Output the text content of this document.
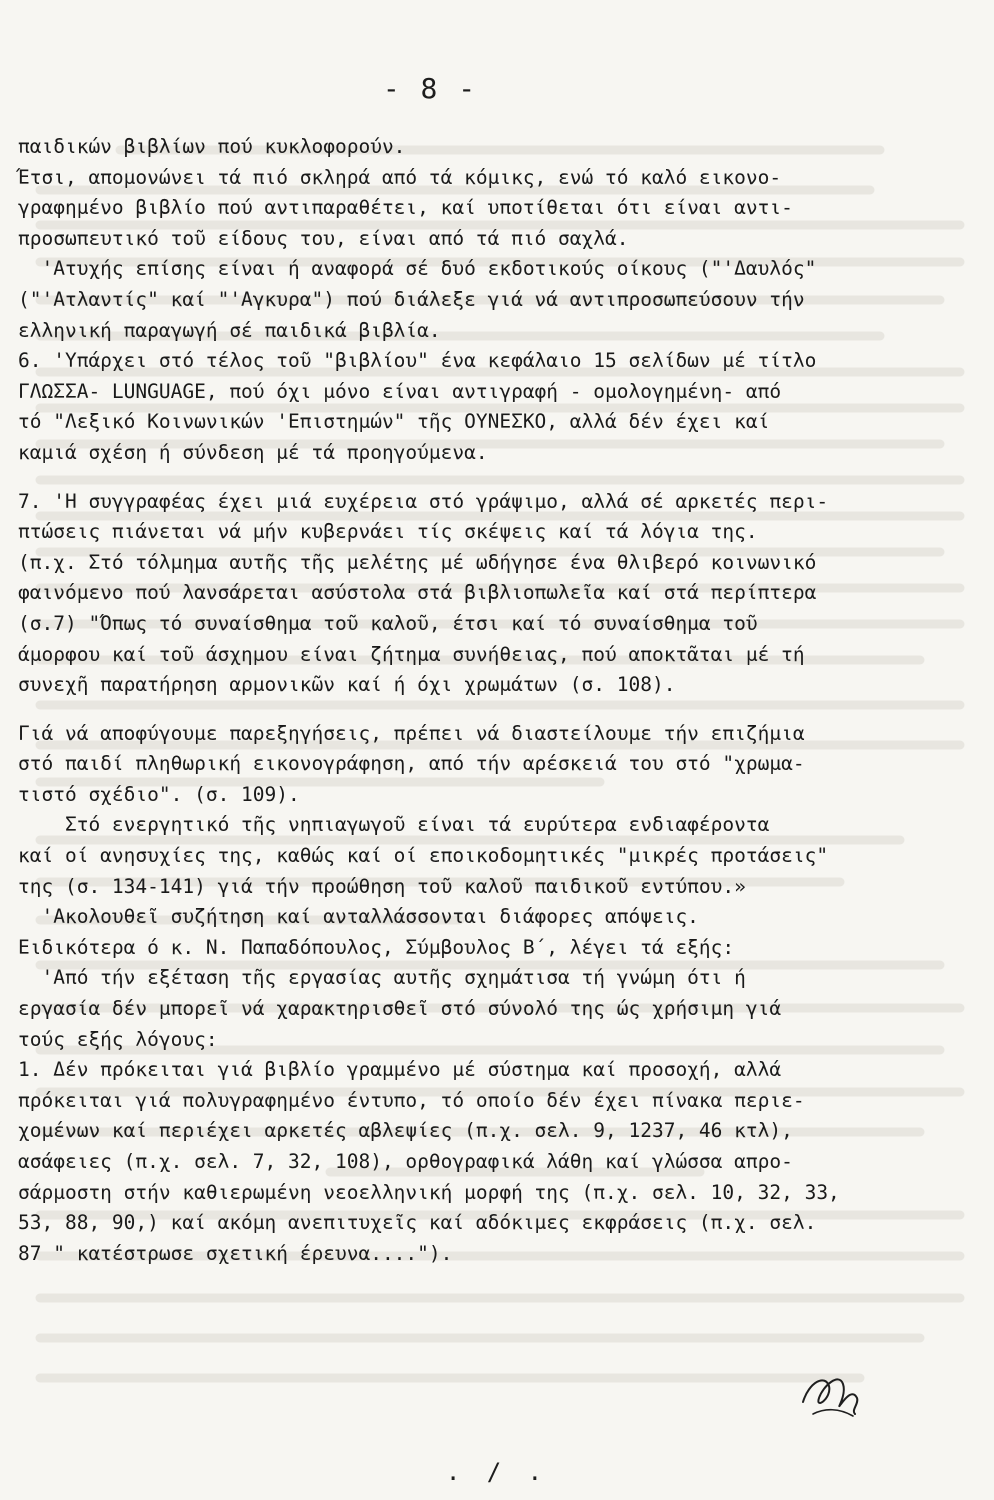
- 8 -
παιδικών βιβλίων πού κυκλοφορούν.
Έτσι, απομονώνει τά πιό σκληρά από τά κόμικς, ενώ τό καλό εικονο-
γραφημένο βιβλίο πού αντιπαραθέτει, καί υποτίθεται ότι είναι αντι-
προσωπευτικό τοῦ είδους του, είναι από τά πιό σαχλά.
'Ατυχής επίσης είναι ή αναφορά σέ δυό εκδοτικούς οίκους ("'Δαυλός"
("'Ατλαντίς" καί "'Αγκυρα") πού διάλεξε γιά νά αντιπροσωπεύσουν τήν
ελληνική παραγωγή σέ παιδικά βιβλία.
6. 'Υπάρχει στό τέλος τοῦ "βιβλίου" ένα κεφάλαιο 15 σελίδων μέ τίτλο
ΓΛΩΣΣΑ- LUNGUAGE, πού όχι μόνο είναι αντιγραφή - ομολογημένη- από
τό "Λεξικό Κοινωνικών 'Επιστημών" τῆς ΟΥΝΕΣΚΟ, αλλά δέν έχει καί
καμιά σχέση ή σύνδεση μέ τά προηγούμενα.
7. 'Η συγγραφέας έχει μιά ευχέρεια στό γράψιμο, αλλά σέ αρκετές περι-
πτώσεις πιάνεται νά μήν κυβερνάει τίς σκέψεις καί τά λόγια της.
(π.χ. Στό τόλμημα αυτῆς τῆς μελέτης μέ ωδήγησε ένα θλιβερό κοινωνικό
φαινόμενο πού λανσάρεται ασύστολα στά βιβλιοπωλεῖα καί στά περίπτερα
(σ.7) "Όπως τό συναίσθημα τοῦ καλοῦ, έτσι καί τό συναίσθημα τοῦ
άμορφου καί τοῦ άσχημου είναι ζήτημα συνήθειας, πού αποκτᾶται μέ τή
συνεχῆ παρατήρηση αρμονικῶν καί ή όχι χρωμάτων (σ. 108).
Γιά νά αποφύγουμε παρεξηγήσεις, πρέπει νά διαστείλουμε τήν επιζήμια
στό παιδί πληθωρική εικονογράφηση, από τήν αρέσκειά του στό "χρωμα-
τιστό σχέδιο". (σ. 109).
Στό ενεργητικό τῆς νηπιαγωγοῦ είναι τά ευρύτερα ενδιαφέροντα
καί οί ανησυχίες της, καθώς καί οί εποικοδομητικές "μικρές προτάσεις"
της (σ. 134-141) γιά τήν προώθηση τοῦ καλοῦ παιδικοῦ εντύπου.»
'Ακολουθεῖ συζήτηση καί ανταλλάσσονται διάφορες απόψεις.
Ειδικότερα ό κ. Ν. Παπαδόπουλος, Σύμβουλος Β΄, λέγει τά εξής:
'Από τήν εξέταση τῆς εργασίας αυτῆς σχημάτισα τή γνώμη ότι ή
εργασία δέν μπορεῖ νά χαρακτηρισθεῖ στό σύνολό της ώς χρήσιμη γιά
τούς εξής λόγους:
1. Δέν πρόκειται γιά βιβλίο γραμμένο μέ σύστημα καί προσοχή, αλλά
πρόκειται γιά πολυγραφημένο έντυπο, τό οποίο δέν έχει πίνακα περιε-
χομένων καί περιέχει αρκετές αβλεψίες (π.χ. σελ. 9, 1237, 46 κτλ),
ασάφειες (π.χ. σελ. 7, 32, 108), ορθογραφικά λάθη καί γλώσσα απρο-
σάρμοστη στήν καθιερωμένη νεοελληνική μορφή της (π.χ. σελ. 10, 32, 33,
53, 88, 90,) καί ακόμη ανεπιτυχεῖς καί αδόκιμες εκφράσεις (π.χ. σελ.
87 " κατέστρωσε σχετική έρευνα....").
. / .
